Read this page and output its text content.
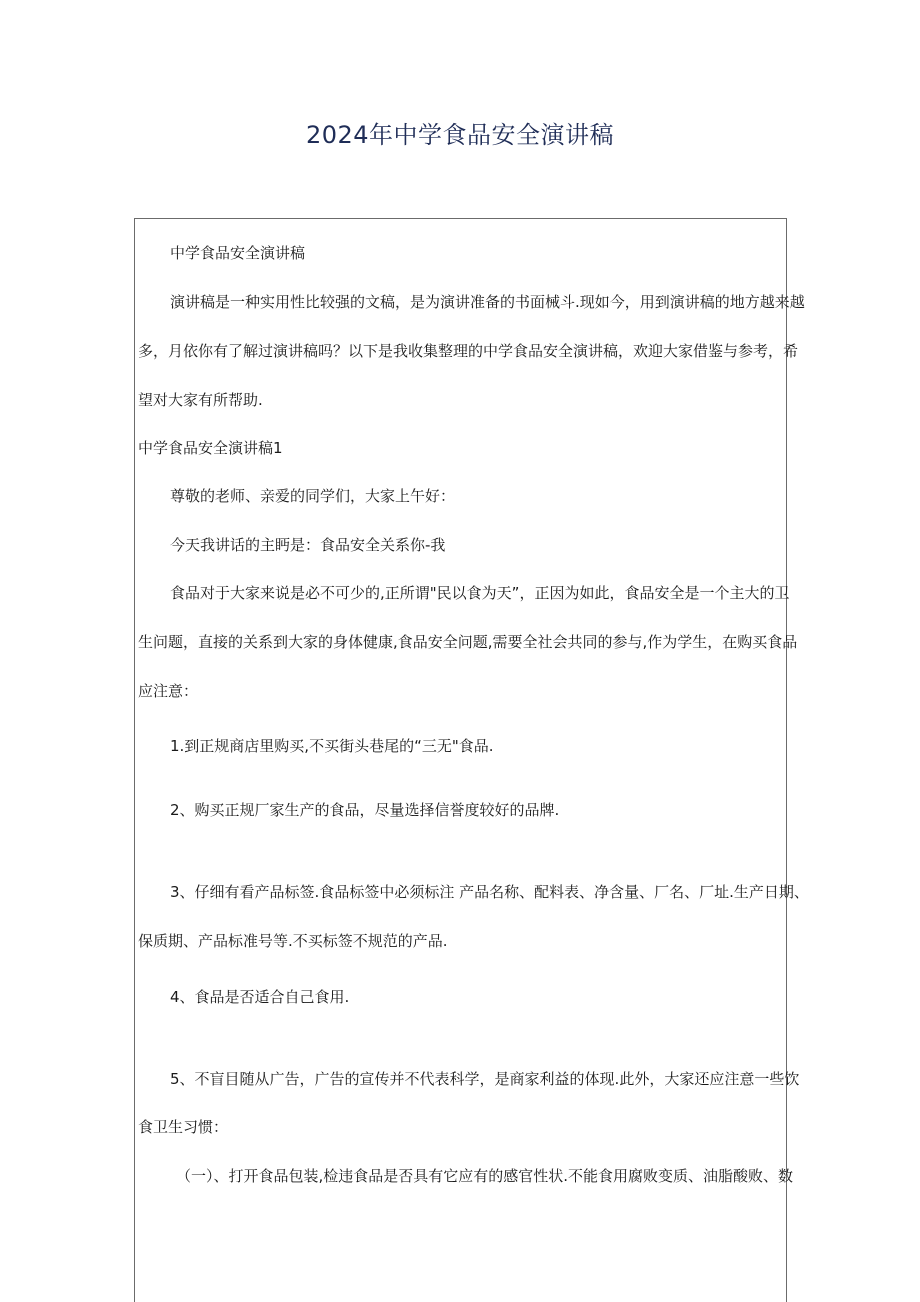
2024年中学食品安全演讲稿
中学食品安全演讲稿
演讲稿是一种实用性比较强的文稿，是为演讲准备的书面械斗.现如今，用到演讲稿的地方越来越
多，月依你有了解过演讲稿吗？以下是我收集整理的中学食品安全演讲稿，欢迎大家借鉴与参考，希
望对大家有所帮助.
中学食品安全演讲稿1
尊敬的老师、亲爱的同学们，大家上午好：
今天我讲话的主眄是：食品安全关系你-我
食品对于大家来说是必不可少的,正所谓"民以食为天”，正因为如此，食品安全是一个主大的卫
生问题，直接的关系到大家的身体健康,食品安全问题,需要全社会共同的参与,作为学生，在购买食品
应注意：
1.到正规商店里购买,不买街头巷尾的“三无"食品.
2、购买正规厂家生产的食品，尽量选择信誉度较好的品牌.
3、仔细有看产品标签.食品标签中必须标注 产品名称、配料表、净含量、厂名、厂址.生产日期、
保质期、产品标准号等.不买标签不规范的产品.
4、食品是否适合自己食用.
5、不盲目随从广告，广告的宣传并不代表科学，是商家利益的体现.此外，大家还应注意一些饮
食卫生习惯：
（一）、打开食品包装,检违食品是否具有它应有的感官性状.不能食用腐败变质、油脂酸败、数
